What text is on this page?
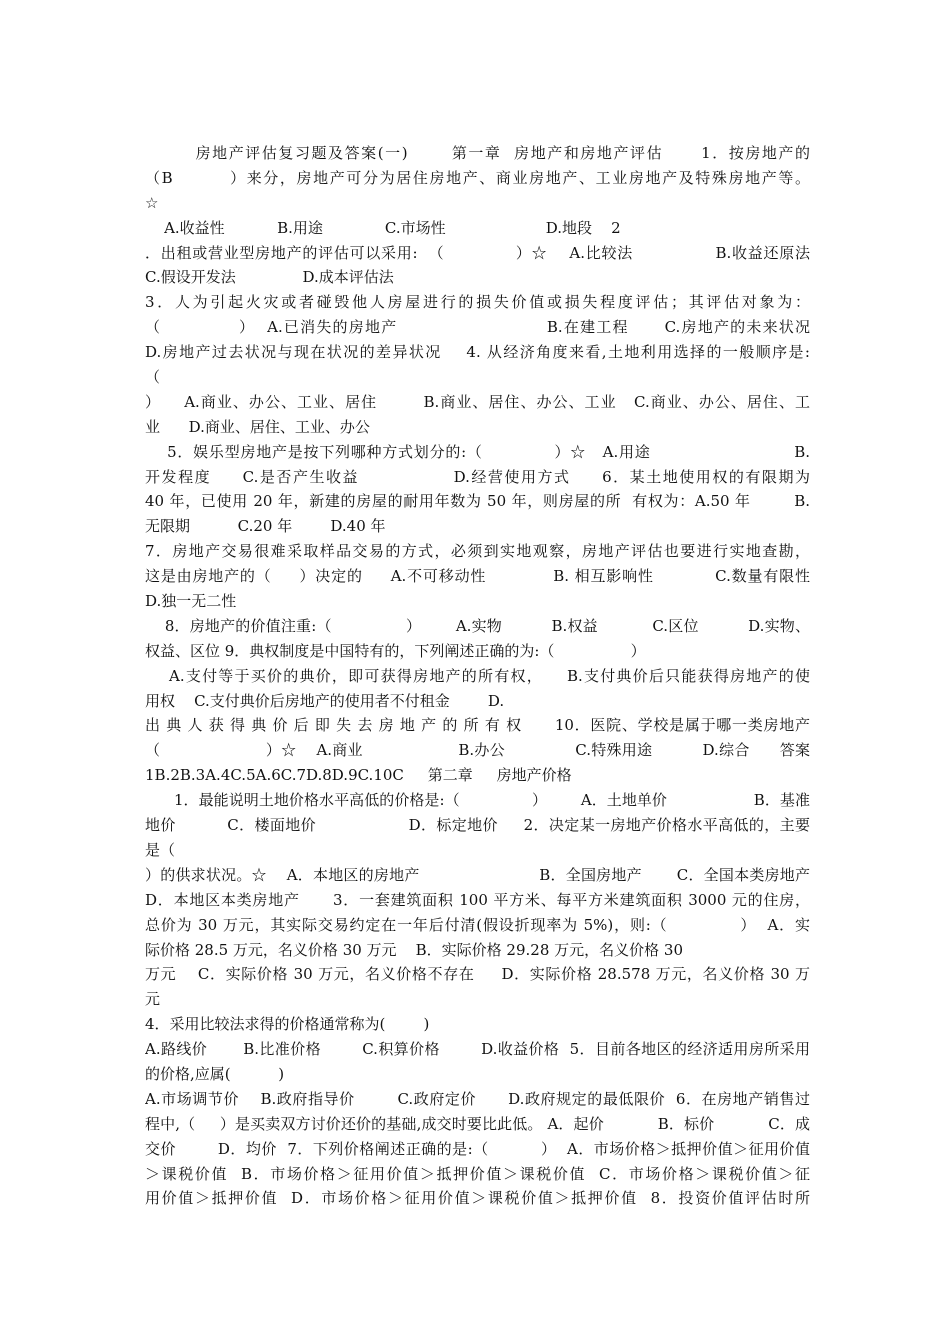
房地产评估复习题及答案(一)       第一章  房地产和房地产评估      1．按房地产的
（B         ）来分，房地产可分为居住房地产、商业房地产、工业房地产及特殊房地产等。
☆
A.收益性           B.用途             C.市场性                     D.地段    2
．出租或营业型房地产的评估可以采用:  （             ）☆    A.比较法               B.收益还原法
C.假设开发法              D.成本评估法
3．人为引起火灾或者碰毁他人房屋进行的损失价值或损失程度评估；其评估对象为：
（             ）  A.已消失的房地产                         B.在建工程      C.房地产的未来状况
D.房地产过去状况与现在状况的差异状况    4. 从经济角度来看,土地利用选择的一般顺序是:
（
）    A.商业、办公、工业、居住        B.商业、居住、办公、工业   C.商业、办公、居住、工
业      D.商业、居住、工业、办公
5．娱乐型房地产是按下列哪种方式划分的:（             ）☆   A.用途                          B.
开发程度     C.是否产生收益               D.经营使用方式     6．某土地使用权的有限期为
40 年，已使用 20 年，新建的房屋的耐用年数为 50 年，则房屋的所  有权为：A.50 年        B.
无限期          C.20 年        D.40 年
7．房地产交易很难采取样品交易的方式，必须到实地观察，房地产评估也要进行实地查勘，
这是由房地产的（     ）决定的     A.不可移动性            B. 相互影响性           C.数量有限性
D.独一无二性
8．房地产的价值注重:（               ）       A.实物          B.权益           C.区位          D.实物、
权益、区位 9．典权制度是中国特有的，下列阐述正确的为:（                ）
A.支付等于买价的典价，即可获得房地产的所有权，    B.支付典价后只能获得房地产的使
用权    C.支付典价后房地产的使用者不付租金        D.
出 典 人 获 得 典 价 后 即 失 去 房 地 产 的 所 有 权      10．医院、学校是属于哪一类房地产
（                     ）☆    A.商业                   B.办公              C.特殊用途          D.综合      答案
1B.2B.3A.4C.5A.6C.7D.8D.9C.10C     第二章     房地产价格
1．最能说明土地价格水平高低的价格是:（               ）       A．土地单价                  B．基准
地价          C．楼面地价                  D．标定地价     2．决定某一房地产价格水平高低的，主要
是（
）的供求状况。☆    A．本地区的房地产                        B．全国房地产       C．全国本类房地产
D．本地区本类房地产      3．一套建筑面积 100 平方米、每平方米建筑面积 3000 元的住房，
总价为 30 万元，其实际交易约定在一年后付清(假设折现率为 5%)，则:（             ）  A．实
际价格 28.5 万元，名义价格 30 万元    B．实际价格 29.28 万元，名义价格 30
万元    C．实际价格 30 万元，名义价格不存在     D．实际价格 28.578 万元，名义价格 30 万
元
4．采用比较法求得的价格通常称为(        )
A.路线价       B.比准价格        C.积算价格        D.收益价格  5．目前各地区的经济适用房所采用
的价格,应属(          )
A.市场调节价    B.政府指导价        C.政府定价      D.政府规定的最低限价  6．在房地产销售过
程中,（     ）是买卖双方讨价还价的基础,成交时要比此低。 A．起价           B．标价           C．成
交价        D．均价  7．下列价格阐述正确的是:（          ）  A．市场价格＞抵押价值＞征用价值
＞课税价值  B．市场价格＞征用价值＞抵押价值＞课税价值  C．市场价格＞课税价值＞征
用价值＞抵押价值  D．市场价格＞征用价值＞课税价值＞抵押价值  8．投资价值评估时所
